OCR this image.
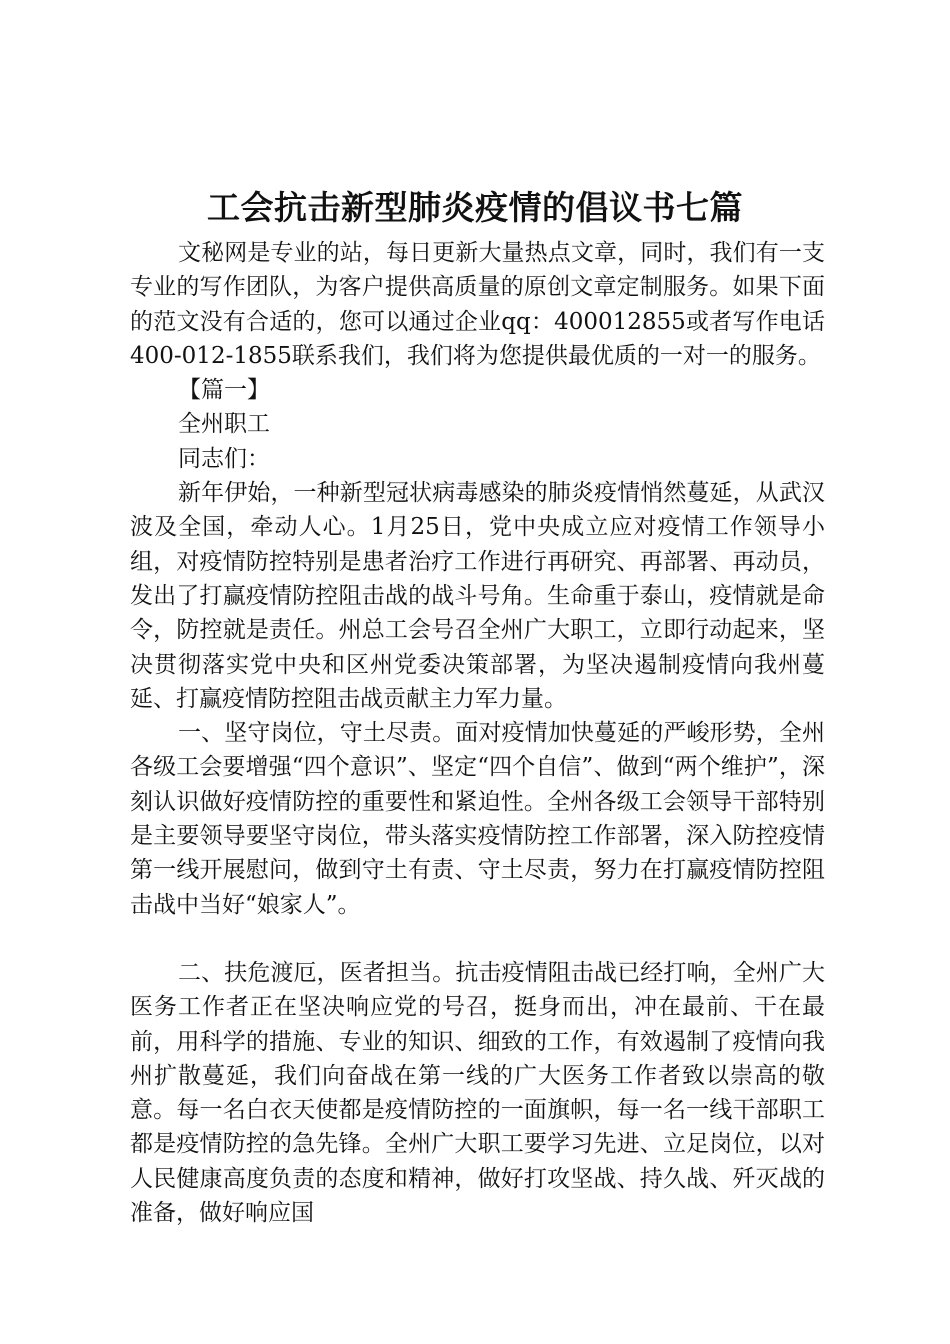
工会抗击新型肺炎疫情的倡议书七篇

文秘网是专业的站，每日更新大量热点文章，同时，我们有一支专业的写作团队，为客户提供高质量的原创文章定制服务。如果下面的范文没有合适的，您可以通过企业qq：400012855或者写作电话400-012-1855联系我们，我们将为您提供最优质的一对一的服务。

【篇一】

全州职工

同志们：

新年伊始，一种新型冠状病毒感染的肺炎疫情悄然蔓延，从武汉波及全国，牵动人心。1月25日，党中央成立应对疫情工作领导小组，对疫情防控特别是患者治疗工作进行再研究、再部署、再动员，发出了打赢疫情防控阻击战的战斗号角。生命重于泰山，疫情就是命令，防控就是责任。州总工会号召全州广大职工，立即行动起来，坚决贯彻落实党中央和区州党委决策部署，为坚决遏制疫情向我州蔓延、打赢疫情防控阻击战贡献主力军力量。

一、坚守岗位，守土尽责。面对疫情加快蔓延的严峻形势，全州各级工会要增强“四个意识”、坚定“四个自信”、做到“两个维护”，深刻认识做好疫情防控的重要性和紧迫性。全州各级工会领导干部特别是主要领导要坚守岗位，带头落实疫情防控工作部署，深入防控疫情第一线开展慰问，做到守土有责、守土尽责，努力在打赢疫情防控阻击战中当好“娘家人”。

二、扶危渡厄，医者担当。抗击疫情阻击战已经打响，全州广大医务工作者正在坚决响应党的号召，挺身而出，冲在最前、干在最前，用科学的措施、专业的知识、细致的工作，有效遏制了疫情向我州扩散蔓延，我们向奋战在第一线的广大医务工作者致以崇高的敬意。每一名白衣天使都是疫情防控的一面旗帜，每一名一线干部职工都是疫情防控的急先锋。全州广大职工要学习先进、立足岗位，以对人民健康高度负责的态度和精神，做好打攻坚战、持久战、歼灭战的准备，做好响应国
